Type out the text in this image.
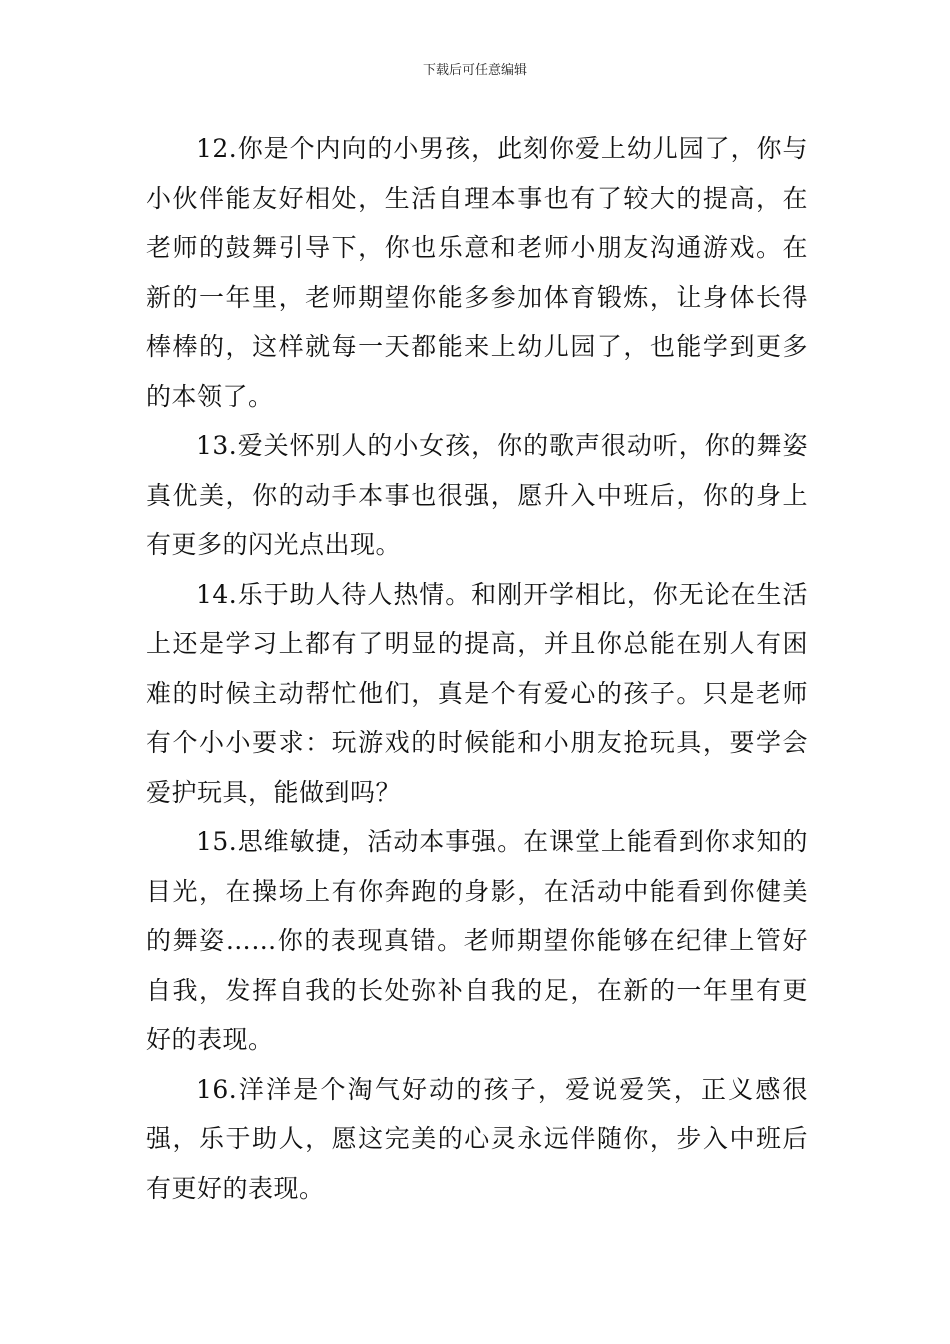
下载后可任意编辑

12.你是个内向的小男孩，此刻你爱上幼儿园了，你与小伙伴能友好相处，生活自理本事也有了较大的提高，在老师的鼓舞引导下，你也乐意和老师小朋友沟通游戏。在新的一年里，老师期望你能多参加体育锻炼，让身体长得棒棒的，这样就每一天都能来上幼儿园了，也能学到更多的本领了。

13.爱关怀别人的小女孩，你的歌声很动听，你的舞姿真优美，你的动手本事也很强，愿升入中班后，你的身上有更多的闪光点出现。

14.乐于助人待人热情。和刚开学相比，你无论在生活上还是学习上都有了明显的提高，并且你总能在别人有困难的时候主动帮忙他们，真是个有爱心的孩子。只是老师有个小小要求：玩游戏的时候能和小朋友抢玩具，要学会爱护玩具，能做到吗？

15.思维敏捷，活动本事强。在课堂上能看到你求知的目光，在操场上有你奔跑的身影，在活动中能看到你健美的舞姿……你的表现真错。老师期望你能够在纪律上管好自我，发挥自我的长处弥补自我的足，在新的一年里有更好的表现。

16.洋洋是个淘气好动的孩子，爱说爱笑，正义感很强，乐于助人，愿这完美的心灵永远伴随你，步入中班后有更好的表现。
